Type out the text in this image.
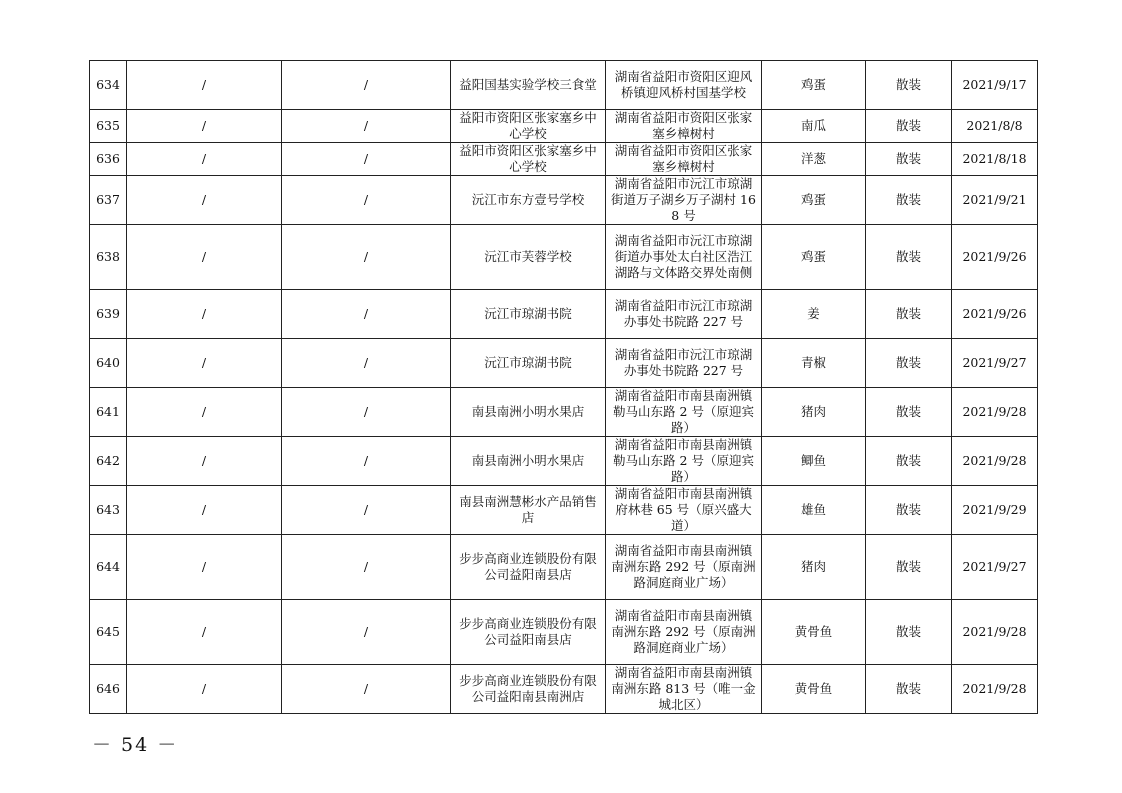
634	/	/	益阳国基实验学校三食堂	湖南省益阳市资阳区迎风桥镇迎风桥村国基学校	鸡蛋	散装	2021/9/17
635	/	/	益阳市资阳区张家塞乡中心学校	湖南省益阳市资阳区张家塞乡樟树村	南瓜	散装	2021/8/8
636	/	/	益阳市资阳区张家塞乡中心学校	湖南省益阳市资阳区张家塞乡樟树村	洋葱	散装	2021/8/18
637	/	/	沅江市东方壹号学校	湖南省益阳市沅江市琼湖街道万子湖乡万子湖村 168 号	鸡蛋	散装	2021/9/21
638	/	/	沅江市芙蓉学校	湖南省益阳市沅江市琼湖街道办事处太白社区浩江湖路与文体路交界处南侧	鸡蛋	散装	2021/9/26
639	/	/	沅江市琼湖书院	湖南省益阳市沅江市琼湖办事处书院路 227 号	姜	散装	2021/9/26
640	/	/	沅江市琼湖书院	湖南省益阳市沅江市琼湖办事处书院路 227 号	青椒	散装	2021/9/27
641	/	/	南县南洲小明水果店	湖南省益阳市南县南洲镇勒马山东路 2 号（原迎宾路）	猪肉	散装	2021/9/28
642	/	/	南县南洲小明水果店	湖南省益阳市南县南洲镇勒马山东路 2 号（原迎宾路）	鲫鱼	散装	2021/9/28
643	/	/	南县南洲慧彬水产品销售店	湖南省益阳市南县南洲镇府林巷 65 号（原兴盛大道）	雄鱼	散装	2021/9/29
644	/	/	步步高商业连锁股份有限公司益阳南县店	湖南省益阳市南县南洲镇南洲东路 292 号（原南洲路洞庭商业广场）	猪肉	散装	2021/9/27
645	/	/	步步高商业连锁股份有限公司益阳南县店	湖南省益阳市南县南洲镇南洲东路 292 号（原南洲路洞庭商业广场）	黄骨鱼	散装	2021/9/28
646	/	/	步步高商业连锁股份有限公司益阳南县南洲店	湖南省益阳市南县南洲镇南洲东路 813 号（唯一金城北区）	黄骨鱼	散装	2021/9/28
－ 54 －
